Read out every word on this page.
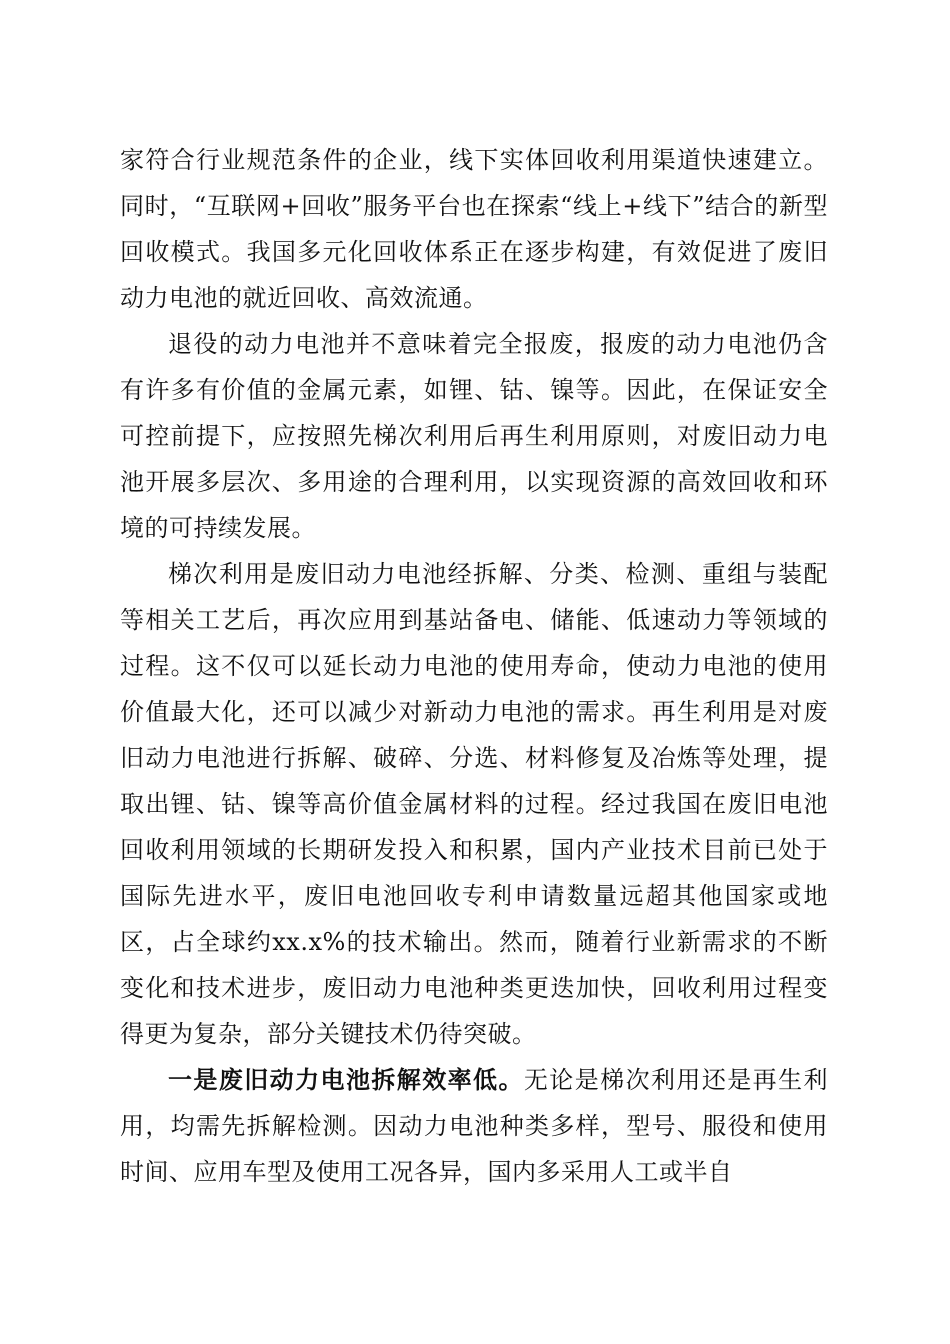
家符合行业规范条件的企业，线下实体回收利用渠道快速建立。同时，“互联网+回收”服务平台也在探索“线上+线下”结合的新型回收模式。我国多元化回收体系正在逐步构建，有效促进了废旧动力电池的就近回收、高效流通。

退役的动力电池并不意味着完全报废，报废的动力电池仍含有许多有价值的金属元素，如锂、钴、镍等。因此，在保证安全可控前提下，应按照先梯次利用后再生利用原则，对废旧动力电池开展多层次、多用途的合理利用，以实现资源的高效回收和环境的可持续发展。

梯次利用是废旧动力电池经拆解、分类、检测、重组与装配等相关工艺后，再次应用到基站备电、储能、低速动力等领域的过程。这不仅可以延长动力电池的使用寿命，使动力电池的使用价值最大化，还可以减少对新动力电池的需求。再生利用是对废旧动力电池进行拆解、破碎、分选、材料修复及冶炼等处理，提取出锂、钴、镍等高价值金属材料的过程。经过我国在废旧电池回收利用领域的长期研发投入和积累，国内产业技术目前已处于国际先进水平，废旧电池回收专利申请数量远超其他国家或地区，占全球约xx.x%的技术输出。然而，随着行业新需求的不断变化和技术进步，废旧动力电池种类更迭加快，回收利用过程变得更为复杂，部分关键技术仍待突破。

一是废旧动力电池拆解效率低。无论是梯次利用还是再生利用，均需先拆解检测。因动力电池种类多样，型号、服役和使用时间、应用车型及使用工况各异，国内多采用人工或半自
